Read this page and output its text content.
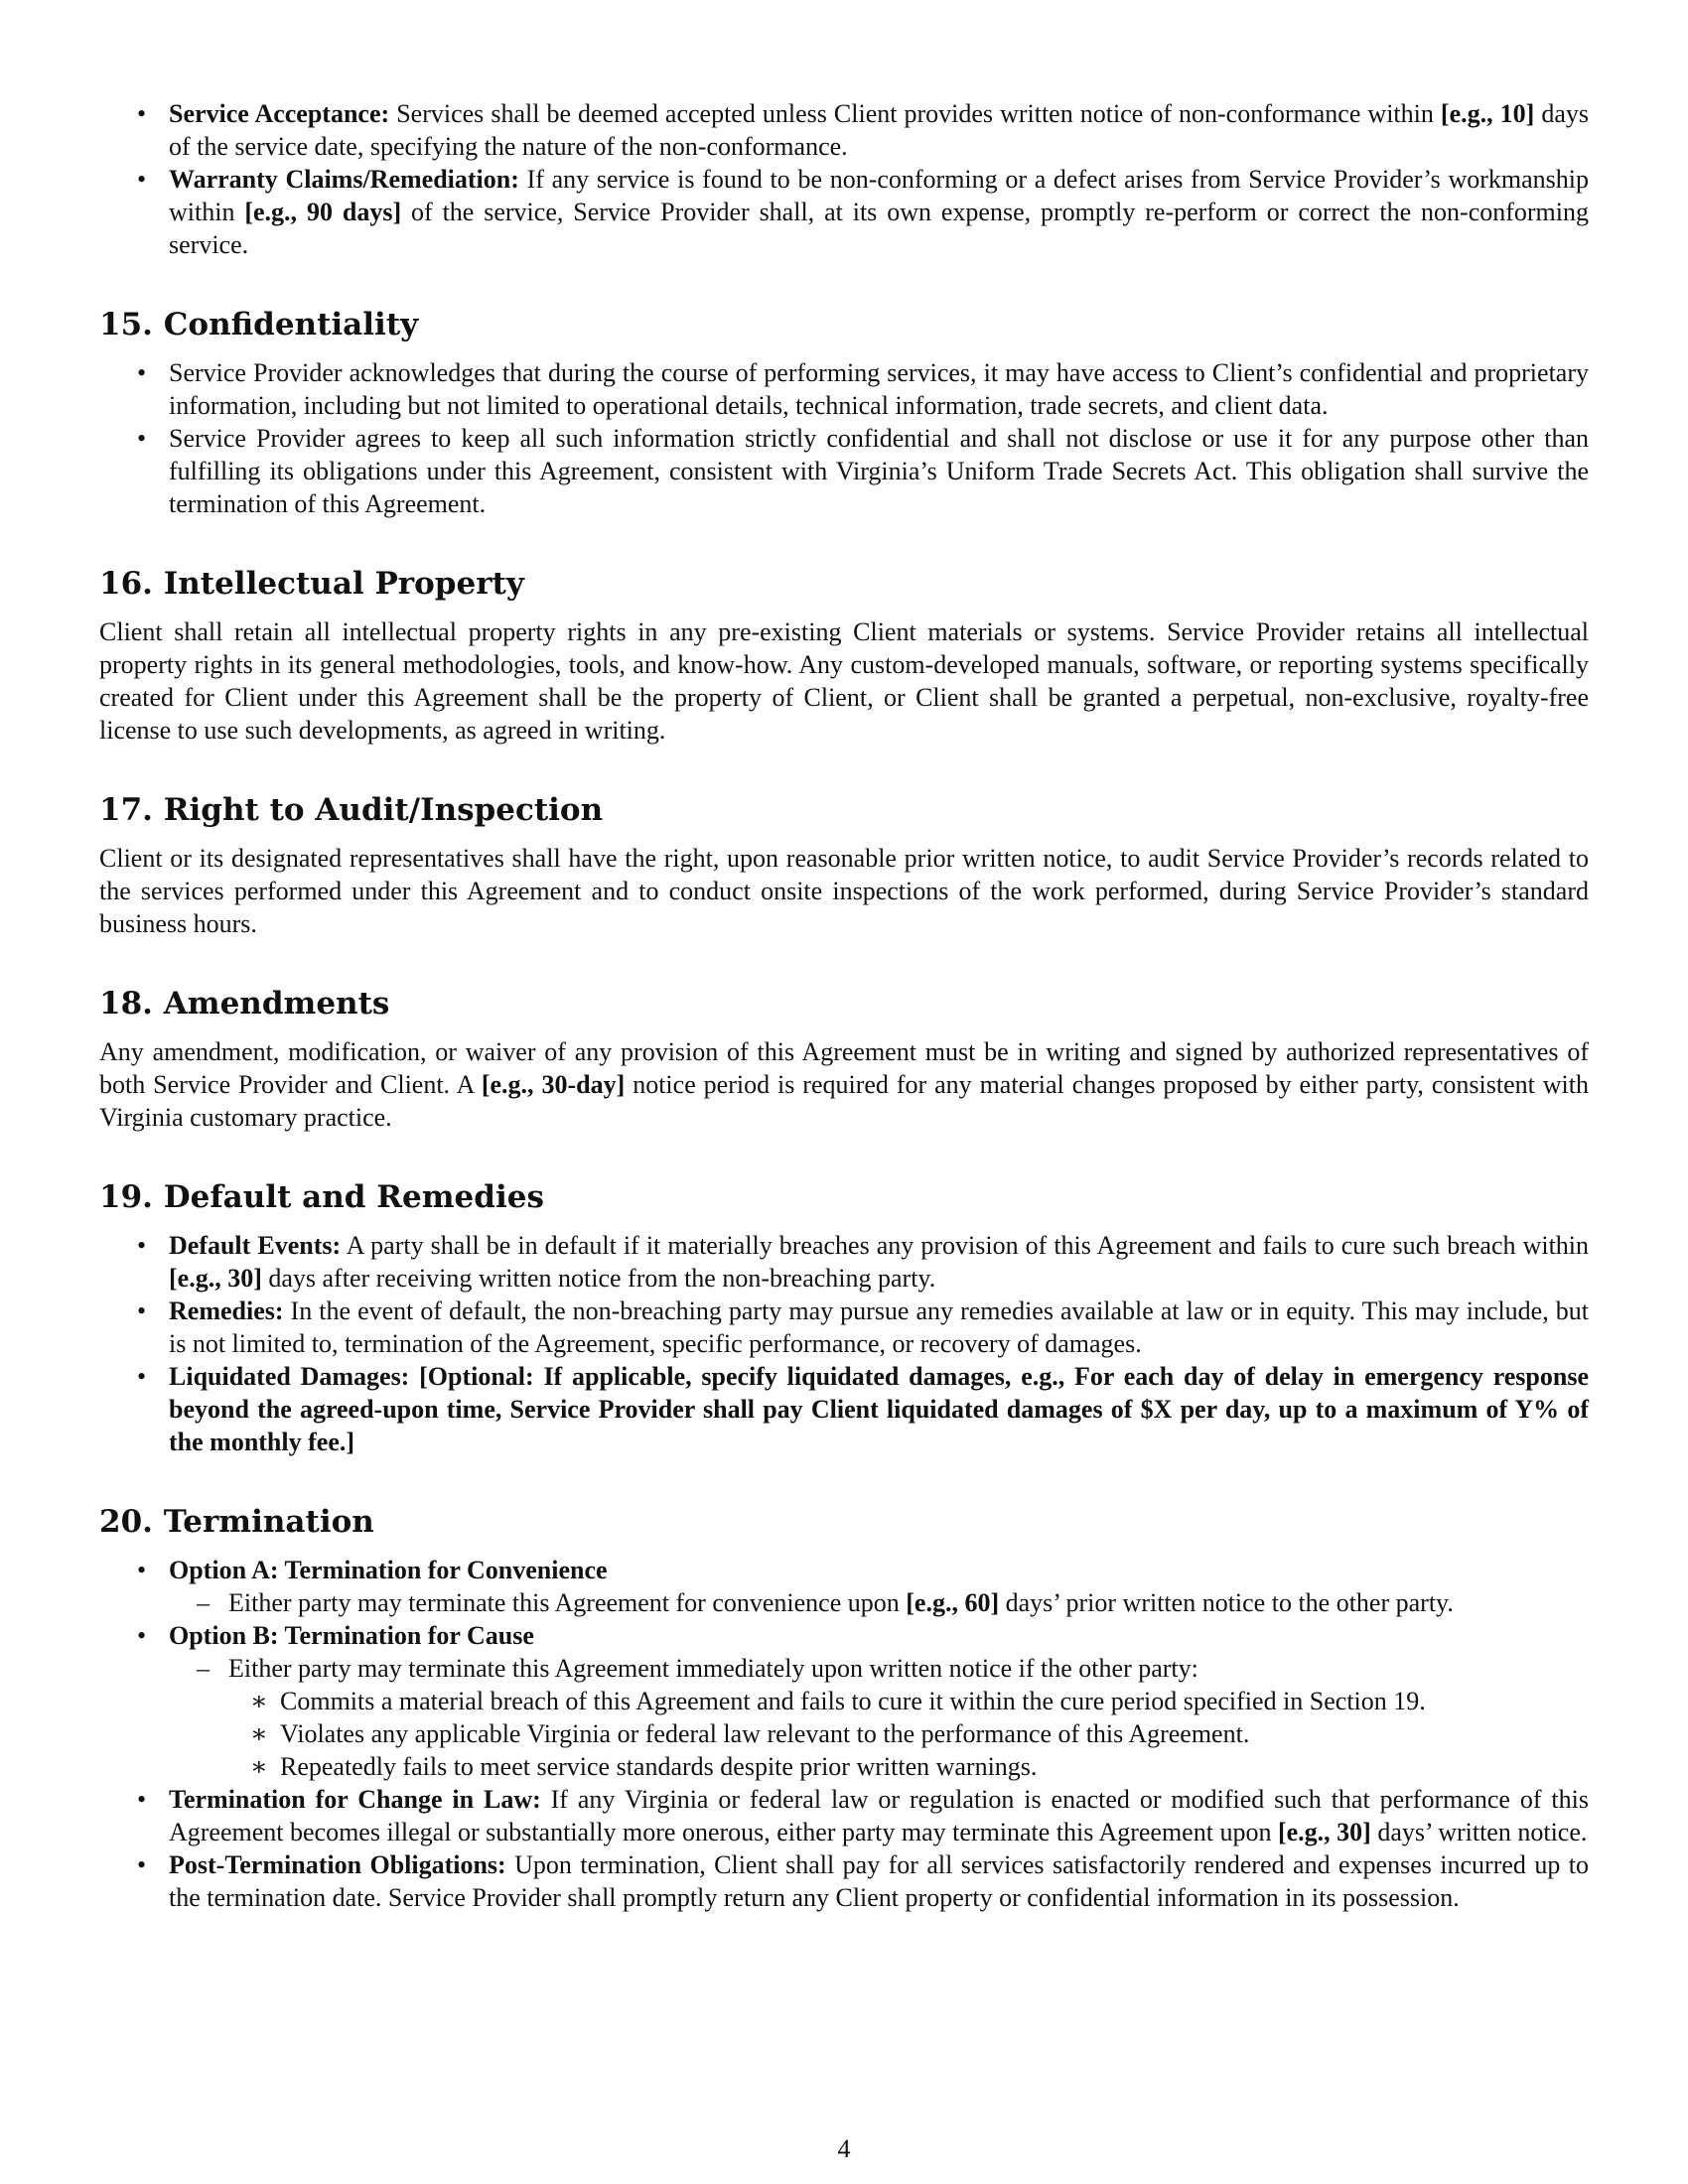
• Service Acceptance: Services shall be deemed accepted unless Client provides written notice of non-conformance within [e.g., 10] days of the service date, specifying the nature of the non-conformance.
• Warranty Claims/Remediation: If any service is found to be non-conforming or a defect arises from Service Provider’s workmanship within [e.g., 90 days] of the service, Service Provider shall, at its own expense, promptly re-perform or correct the non-conforming service.
15. Confidentiality
• Service Provider acknowledges that during the course of performing services, it may have access to Client’s confidential and proprietary information, including but not limited to operational details, technical information, trade secrets, and client data.
• Service Provider agrees to keep all such information strictly confidential and shall not disclose or use it for any purpose other than fulfilling its obligations under this Agreement, consistent with Virginia’s Uniform Trade Secrets Act. This obligation shall survive the termination of this Agreement.
16. Intellectual Property

Client shall retain all intellectual property rights in any pre-existing Client materials or systems. Service Provider retains all intellectual property rights in its general methodologies, tools, and know-how. Any custom-developed manuals, software, or reporting systems specifically created for Client under this Agreement shall be the property of Client, or Client shall be granted a perpetual, non-exclusive, royalty-free license to use such developments, as agreed in writing.

17. Right to Audit/Inspection

Client or its designated representatives shall have the right, upon reasonable prior written notice, to audit Service Provider’s records related to the services performed under this Agreement and to conduct onsite inspections of the work performed, during Service Provider’s standard business hours.

18. Amendments

Any amendment, modification, or waiver of any provision of this Agreement must be in writing and signed by authorized representatives of both Service Provider and Client. A [e.g., 30-day] notice period is required for any material changes proposed by either party, consistent with Virginia customary practice.

19. Default and Remedies
• Default Events: A party shall be in default if it materially breaches any provision of this Agreement and fails to cure such breach within [e.g., 30] days after receiving written notice from the non-breaching party.
• Remedies: In the event of default, the non-breaching party may pursue any remedies available at law or in equity. This may include, but is not limited to, termination of the Agreement, specific performance, or recovery of damages.
• Liquidated Damages: [Optional: If applicable, specify liquidated damages, e.g., For each day of delay in emergency response beyond the agreed-upon time, Service Provider shall pay Client liquidated damages of $X per day, up to a maximum of Y% of the monthly fee.]
20. Termination
• Option A: Termination for Convenience
– Either party may terminate this Agreement for convenience upon [e.g., 60] days’ prior written notice to the other party.
• Option B: Termination for Cause
– Either party may terminate this Agreement immediately upon written notice if the other party:
∗ Commits a material breach of this Agreement and fails to cure it within the cure period specified in Section 19.
∗ Violates any applicable Virginia or federal law relevant to the performance of this Agreement.
∗ Repeatedly fails to meet service standards despite prior written warnings.
• Termination for Change in Law: If any Virginia or federal law or regulation is enacted or modified such that performance of this Agreement becomes illegal or substantially more onerous, either party may terminate this Agreement upon [e.g., 30] days’ written notice.
• Post-Termination Obligations: Upon termination, Client shall pay for all services satisfactorily rendered and expenses incurred up to the termination date. Service Provider shall promptly return any Client property or confidential information in its possession.
4
